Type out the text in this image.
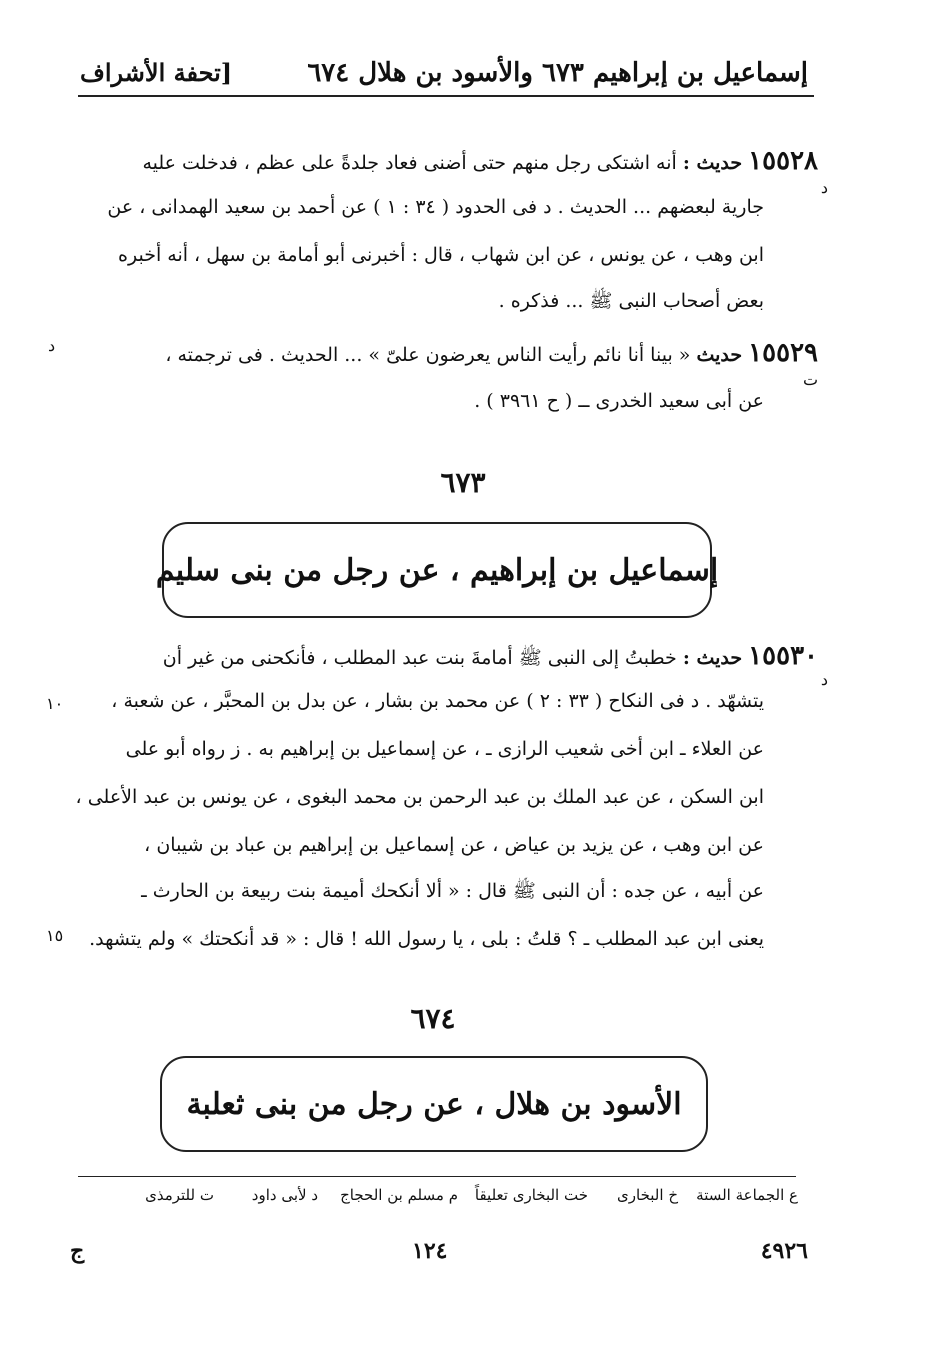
إسماعيل بن إبراهيم ٦٧٣ والأسود بن هلال ٦٧٤
[تحفة الأشراف
١٥٥٢٨ حديث : أنه اشتكى رجل منهم حتى أضنى فعاد جلدةً على عظم ، فدخلت عليه
د
جارية لبعضهم ... الحديث . د فى الحدود ( ٣٤ : ١ ) عن أحمد بن سعيد الهمدانى ، عن
ابن وهب ، عن يونس ، عن ابن شهاب ، قال : أخبرنى أبو أمامة بن سهل ، أنه أخبره
بعض أصحاب النبى ﷺ ... فذكره .
١٥٥٢٩ حديث « بينا أنا نائم رأيت الناس يعرضون علىّ » ... الحديث . فى ترجمته ،
د
ت
عن أبى سعيد الخدرى ــ ( ح ٣٩٦١ ) .
٦٧٣
إسماعيل بن إبراهيم ، عن رجل من بنى سليم
١٥٥٣٠ حديث : خطبتُ إلى النبى ﷺ أمامةَ بنت عبد المطلب ، فأنكحنى من غير أن
د
يتشهّد . د فى النكاح ( ٣٣ : ٢ ) عن محمد بن بشار ، عن بدل بن المحبَّر ، عن شعبة ،
١٠
عن العلاء ـ ابن أخى شعيب الرازى ـ ، عن إسماعيل بن إبراهيم به . ز رواه أبو على
ابن السكن ، عن عبد الملك بن عبد الرحمن بن محمد البغوى ، عن يونس بن عبد الأعلى ،
عن ابن وهب ، عن يزيد بن عياض ، عن إسماعيل بن إبراهيم بن عباد بن شيبان ،
عن أبيه ، عن جده : أن النبى ﷺ قال : « ألا أنكحك أميمة بنت ربيعة بن الحارث ـ
يعنى ابن عبد المطلب ـ ؟ قلتُ : بلى ، يا رسول الله ! قال : « قد أنكحتك » ولم يتشهد.
١٥
٦٧٤
الأسود بن هلال ، عن رجل من بنى ثعلبة
ع الجماعة الستة
خ البخارى
خت البخارى تعليقاً
م مسلم بن الحجاج
د لأبى داود
ت للترمذى
٤٩٢٦
١٢٤
ج
